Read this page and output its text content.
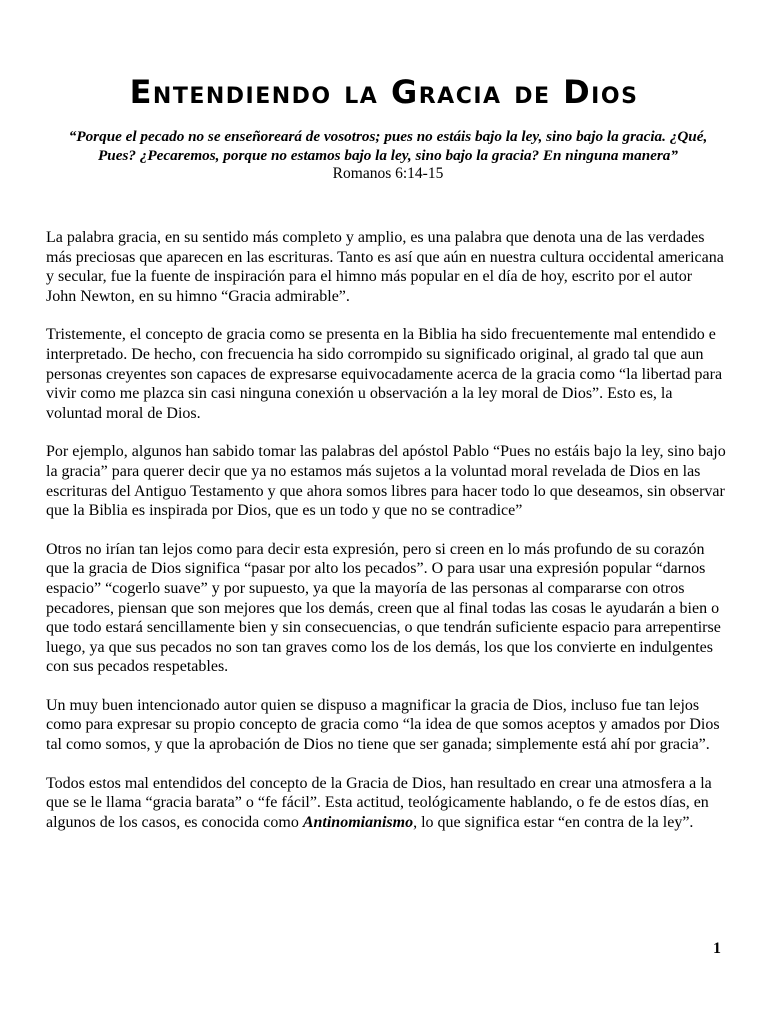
Entendiendo la Gracia de Dios
“Porque el pecado no se enseñoreará de vosotros; pues no estáis bajo la ley, sino bajo la gracia. ¿Qué, Pues? ¿Pecaremos, porque no estamos bajo la ley, sino bajo la gracia? En ninguna manera”
Romanos 6:14-15

La palabra gracia, en su sentido más completo y amplio, es una palabra que denota una de las verdades más preciosas que aparecen en las escrituras. Tanto es así que aún en nuestra cultura occidental americana y secular, fue la fuente de inspiración para el himno más popular en el día de hoy, escrito por el autor John Newton, en su himno “Gracia admirable”.

Tristemente, el concepto de gracia como se presenta en la Biblia ha sido frecuentemente mal entendido e interpretado. De hecho, con frecuencia ha sido corrompido su significado original, al grado tal que aun personas creyentes son capaces de expresarse equivocadamente acerca de la gracia como “la libertad para vivir como me plazca sin casi ninguna conexión u observación a la ley moral de Dios”. Esto es, la voluntad moral de Dios.

Por ejemplo, algunos han sabido tomar las palabras del apóstol Pablo “Pues no estáis bajo la ley, sino bajo la gracia” para querer decir que ya no estamos más sujetos a la voluntad moral revelada de Dios en las escrituras del Antiguo Testamento y que ahora somos libres para hacer todo lo que deseamos, sin observar que la Biblia es inspirada por Dios, que es un todo y que no se contradice”

Otros no irían tan lejos como para decir esta expresión, pero si creen en lo más profundo de su corazón que la gracia de Dios significa “pasar por alto los pecados”. O para usar una expresión popular “darnos espacio” “cogerlo suave” y por supuesto, ya que la mayoría de las personas al compararse con otros pecadores, piensan que son mejores que los demás, creen que al final todas las cosas le ayudarán a bien o que todo estará sencillamente bien y sin consecuencias, o que tendrán suficiente espacio para arrepentirse luego, ya que sus pecados no son tan graves como los de los demás, los que los convierte en indulgentes con sus pecados respetables.

Un muy buen intencionado autor quien se dispuso a magnificar la gracia de Dios, incluso fue tan lejos como para expresar su propio concepto de gracia como “la idea de que somos aceptos y amados por Dios tal como somos, y que la aprobación de Dios no tiene que ser ganada; simplemente está ahí por gracia”.

Todos estos mal entendidos del concepto de la Gracia de Dios, han resultado en crear una atmosfera a la que se le llama “gracia barata” o “fe fácil”. Esta actitud, teológicamente hablando, o fe de estos días, en algunos de los casos, es conocida como Antinomianismo, lo que significa estar “en contra de la ley”.

1
